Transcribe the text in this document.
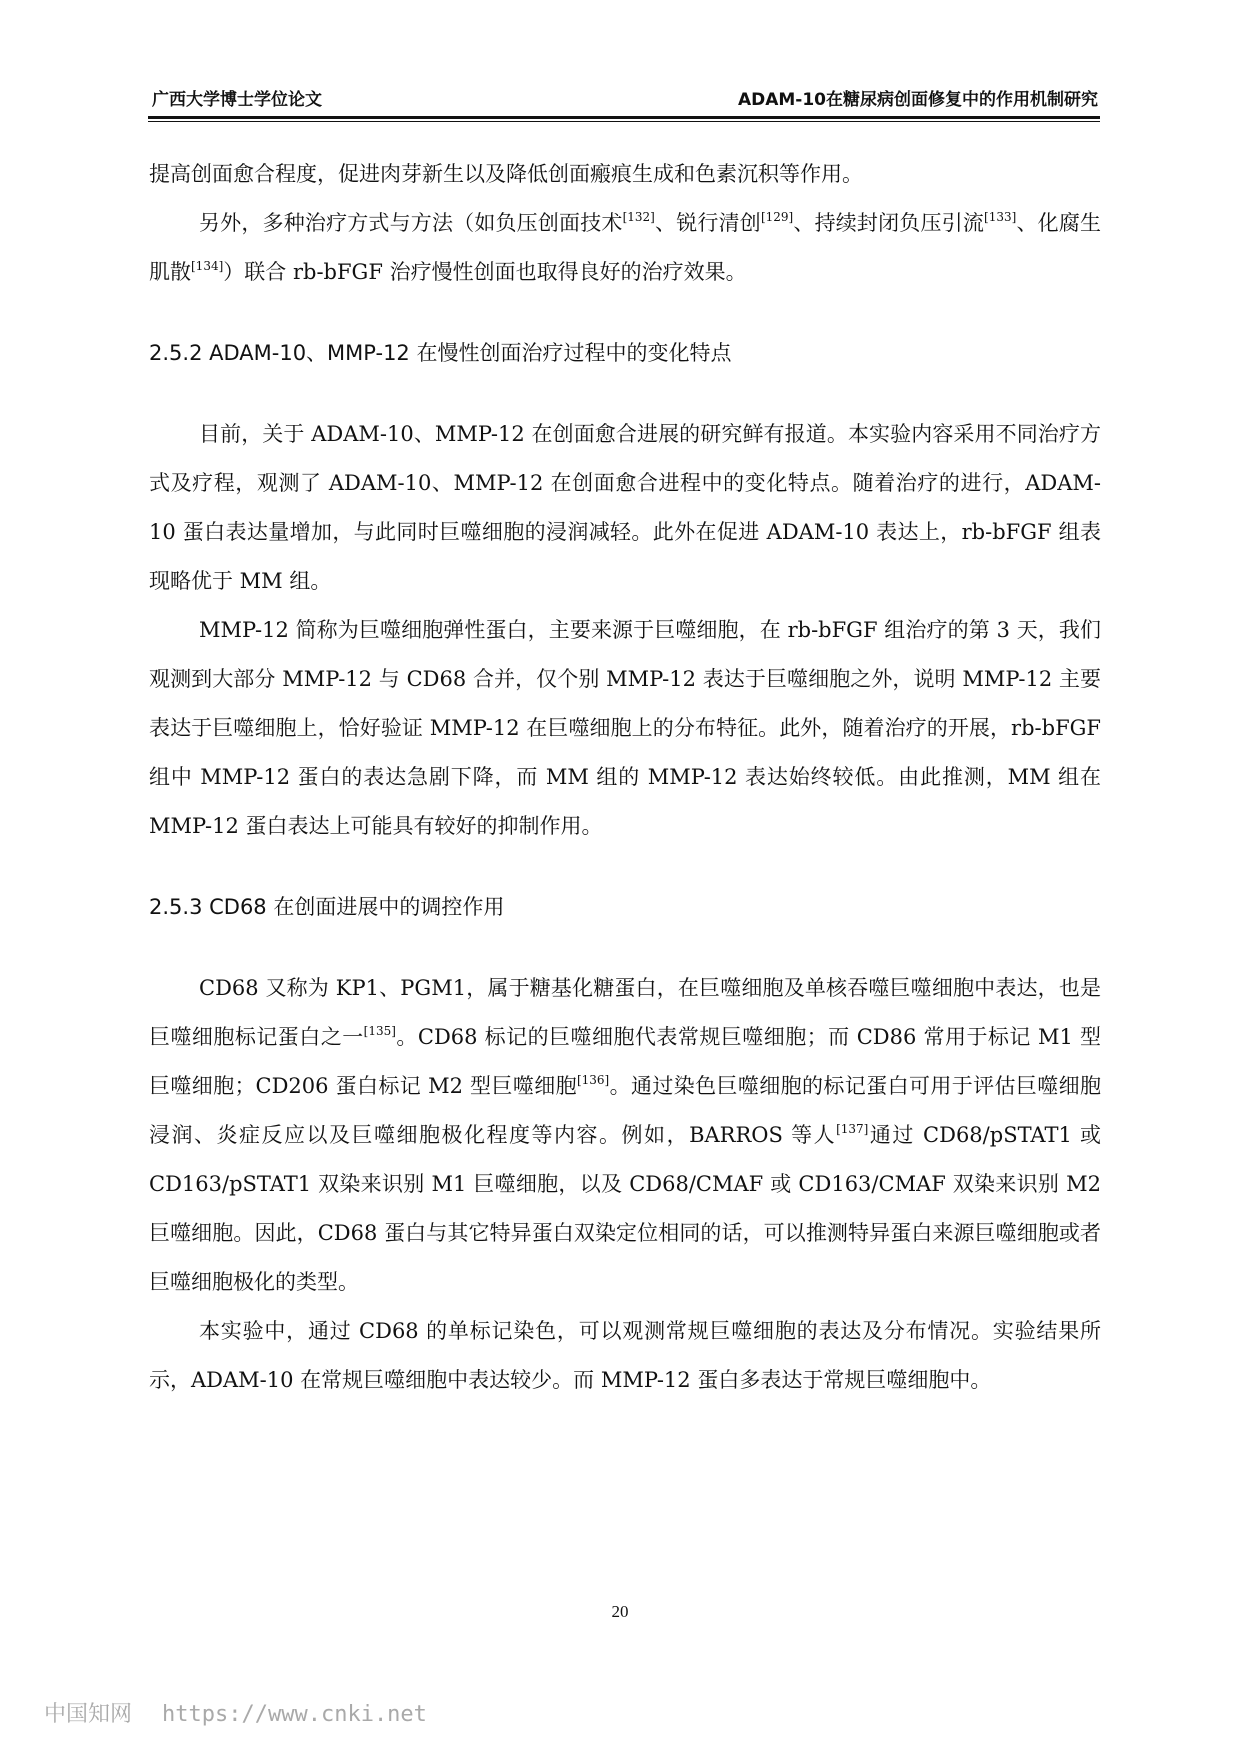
广西大学博士学位论文	ADAM-10在糖尿病创面修复中的作用机制研究

提高创面愈合程度，促进肉芽新生以及降低创面瘢痕生成和色素沉积等作用。

另外，多种治疗方式与方法（如负压创面技术[132]、锐行清创[129]、持续封闭负压引流[133]、化腐生肌散[134]）联合 rb-bFGF 治疗慢性创面也取得良好的治疗效果。

2.5.2 ADAM-10、MMP-12 在慢性创面治疗过程中的变化特点

目前，关于 ADAM-10、MMP-12 在创面愈合进展的研究鲜有报道。本实验内容采用不同治疗方式及疗程，观测了 ADAM-10、MMP-12 在创面愈合进程中的变化特点。随着治疗的进行，ADAM-10 蛋白表达量增加，与此同时巨噬细胞的浸润减轻。此外在促进 ADAM-10 表达上，rb-bFGF 组表现略优于 MM 组。

MMP-12 简称为巨噬细胞弹性蛋白，主要来源于巨噬细胞，在 rb-bFGF 组治疗的第 3 天，我们观测到大部分 MMP-12 与 CD68 合并，仅个别 MMP-12 表达于巨噬细胞之外，说明 MMP-12 主要表达于巨噬细胞上，恰好验证 MMP-12 在巨噬细胞上的分布特征。此外，随着治疗的开展，rb-bFGF 组中 MMP-12 蛋白的表达急剧下降，而 MM 组的 MMP-12 表达始终较低。由此推测，MM 组在 MMP-12 蛋白表达上可能具有较好的抑制作用。

2.5.3 CD68 在创面进展中的调控作用

CD68 又称为 KP1、PGM1，属于糖基化糖蛋白，在巨噬细胞及单核吞噬巨噬细胞中表达，也是巨噬细胞标记蛋白之一[135]。CD68 标记的巨噬细胞代表常规巨噬细胞；而 CD86 常用于标记 M1 型巨噬细胞；CD206 蛋白标记 M2 型巨噬细胞[136]。通过染色巨噬细胞的标记蛋白可用于评估巨噬细胞浸润、炎症反应以及巨噬细胞极化程度等内容。例如，BARROS 等人[137]通过 CD68/pSTAT1 或 CD163/pSTAT1 双染来识别 M1 巨噬细胞，以及 CD68/CMAF 或 CD163/CMAF 双染来识别 M2 巨噬细胞。因此，CD68 蛋白与其它特异蛋白双染定位相同的话，可以推测特异蛋白来源巨噬细胞或者巨噬细胞极化的类型。

本实验中，通过 CD68 的单标记染色，可以观测常规巨噬细胞的表达及分布情况。实验结果所示，ADAM-10 在常规巨噬细胞中表达较少。而 MMP-12 蛋白多表达于常规巨噬细胞中。

20
中国知网 https://www.cnki.net
